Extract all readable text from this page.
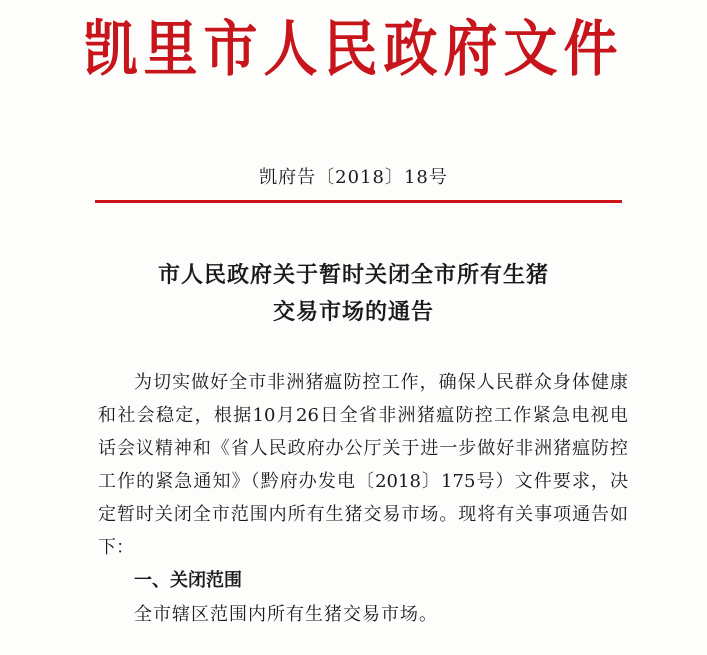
凯里市人民政府文件
凯府告〔2018〕18号
市人民政府关于暂时关闭全市所有生猪
交易市场的通告
为切实做好全市非洲猪瘟防控工作，确保人民群众身体健康
和社会稳定，根据10月26日全省非洲猪瘟防控工作紧急电视电
话会议精神和《省人民政府办公厅关于进一步做好非洲猪瘟防控
工作的紧急通知》（黔府办发电〔2018〕175号）文件要求，决
定暂时关闭全市范围内所有生猪交易市场。现将有关事项通告如
下：
一、关闭范围
全市辖区范围内所有生猪交易市场。
